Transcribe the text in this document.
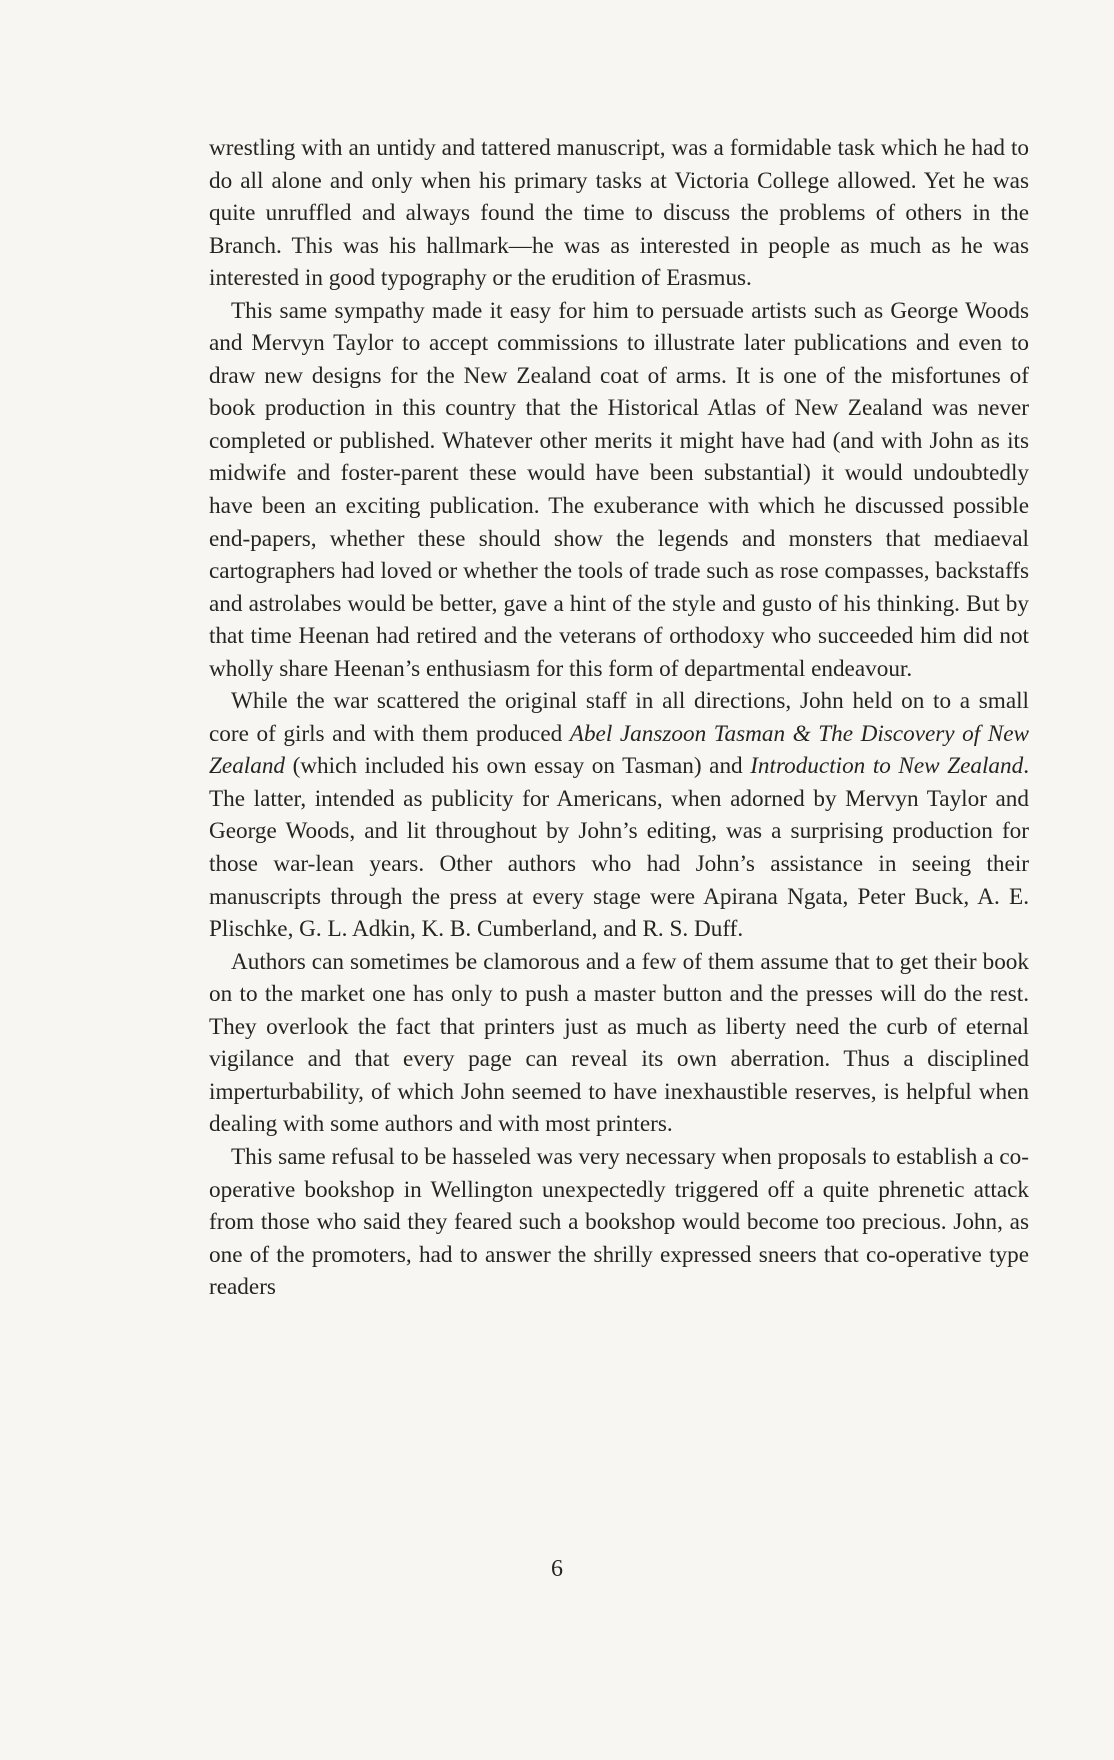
wrestling with an untidy and tattered manuscript, was a formidable task which he had to do all alone and only when his primary tasks at Victoria College allowed. Yet he was quite unruffled and always found the time to discuss the problems of others in the Branch. This was his hallmark—he was as interested in people as much as he was interested in good typography or the erudition of Erasmus.

This same sympathy made it easy for him to persuade artists such as George Woods and Mervyn Taylor to accept commissions to illustrate later publications and even to draw new designs for the New Zealand coat of arms. It is one of the misfortunes of book production in this country that the Historical Atlas of New Zealand was never completed or published. Whatever other merits it might have had (and with John as its midwife and foster-parent these would have been substantial) it would undoubtedly have been an exciting publication. The exuberance with which he discussed possible end-papers, whether these should show the legends and monsters that mediaeval cartographers had loved or whether the tools of trade such as rose compasses, backstaffs and astrolabes would be better, gave a hint of the style and gusto of his thinking. But by that time Heenan had retired and the veterans of orthodoxy who succeeded him did not wholly share Heenan’s enthusiasm for this form of departmental endeavour.

While the war scattered the original staff in all directions, John held on to a small core of girls and with them produced Abel Janszoon Tasman & The Discovery of New Zealand (which included his own essay on Tasman) and Introduction to New Zealand. The latter, intended as publicity for Americans, when adorned by Mervyn Taylor and George Woods, and lit throughout by John’s editing, was a surprising production for those war-lean years. Other authors who had John’s assistance in seeing their manuscripts through the press at every stage were Apirana Ngata, Peter Buck, A. E. Plischke, G. L. Adkin, K. B. Cumberland, and R. S. Duff.

Authors can sometimes be clamorous and a few of them assume that to get their book on to the market one has only to push a master button and the presses will do the rest. They overlook the fact that printers just as much as liberty need the curb of eternal vigilance and that every page can reveal its own aberration. Thus a disciplined imperturbability, of which John seemed to have inexhaustible reserves, is helpful when dealing with some authors and with most printers.

This same refusal to be hasseled was very necessary when proposals to establish a co-operative bookshop in Wellington unexpectedly triggered off a quite phrenetic attack from those who said they feared such a bookshop would become too precious. John, as one of the promoters, had to answer the shrilly expressed sneers that co-operative type readers

6
